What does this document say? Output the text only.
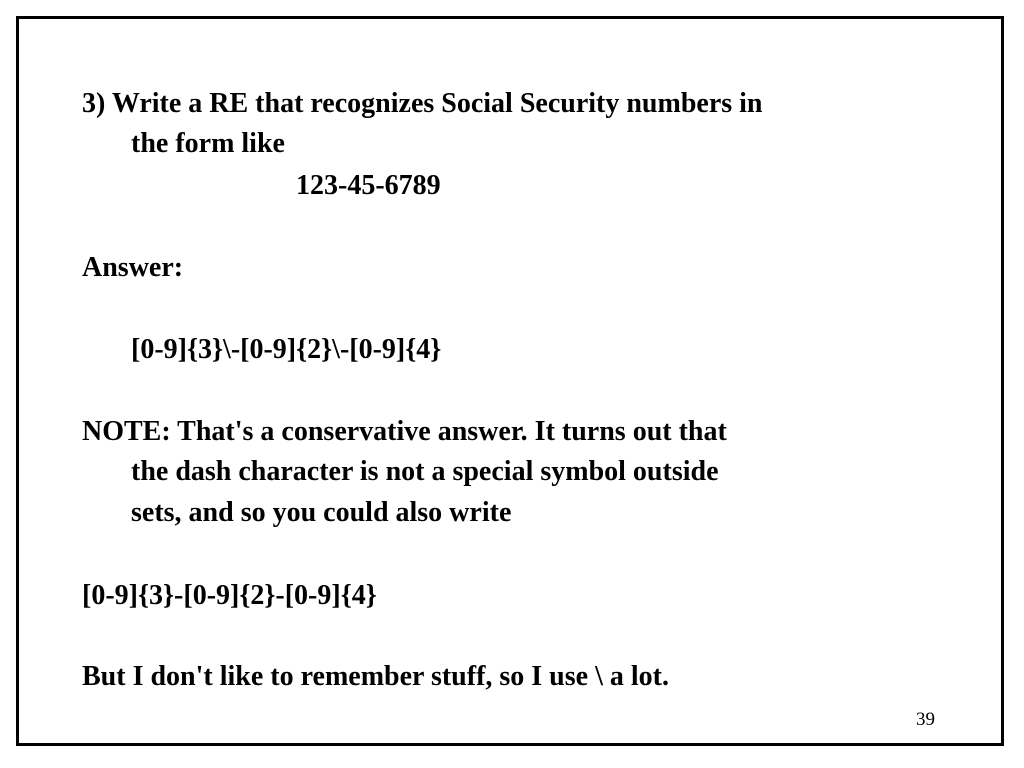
3) Write a RE that recognizes Social Security numbers in
the form like
123-45-6789
Answer:
[0-9]{3}\-[0-9]{2}\-[0-9]{4}
NOTE: That's a conservative answer. It turns out that
the dash character is not a special symbol outside
sets, and so you could also write
[0-9]{3}-[0-9]{2}-[0-9]{4}
But I don't like to remember stuff, so I use \ a lot.
39
